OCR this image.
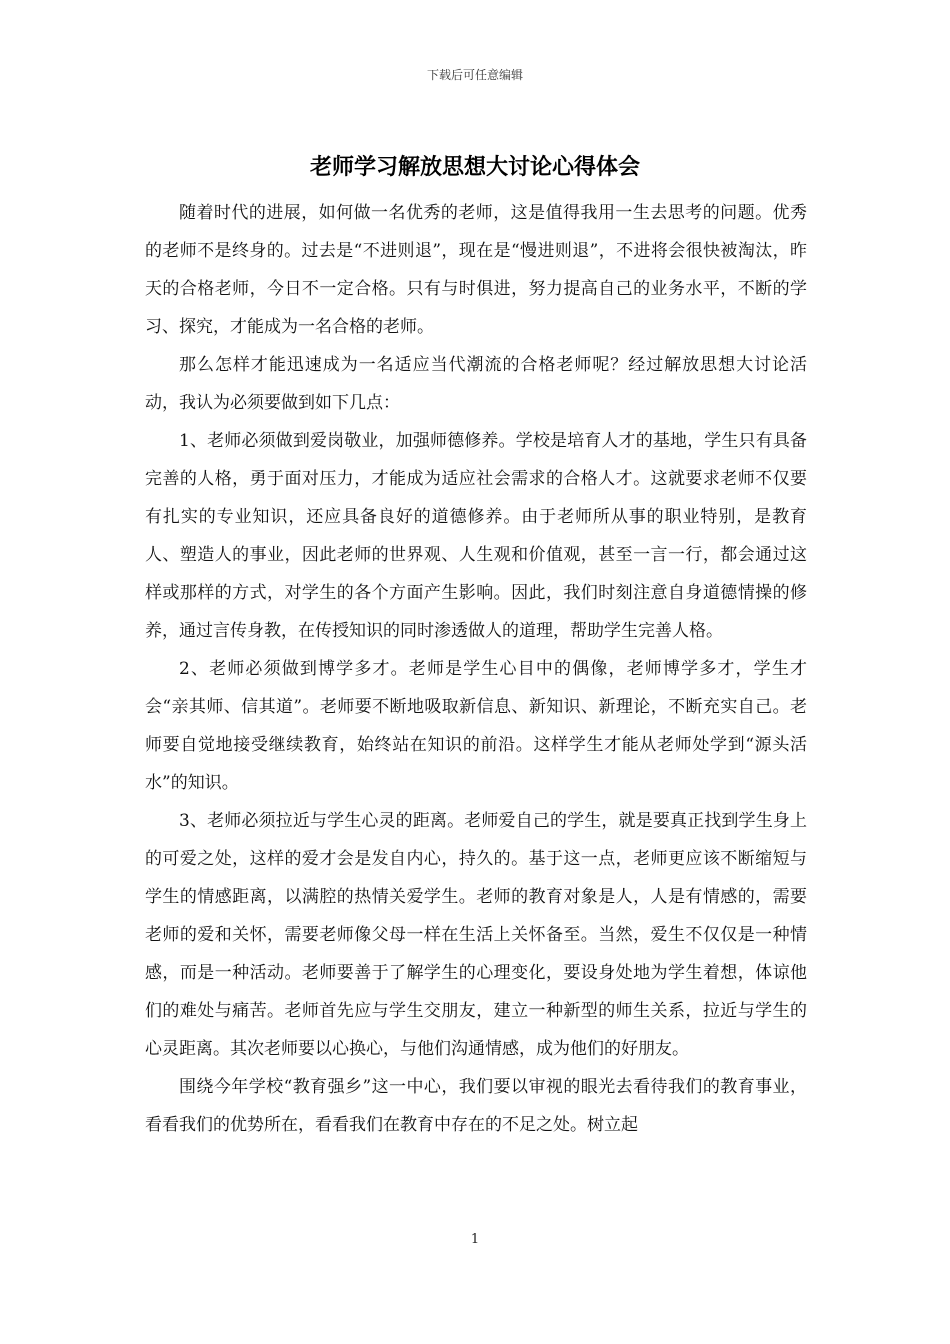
下载后可任意编辑
老师学习解放思想大讨论心得体会

随着时代的进展，如何做一名优秀的老师，这是值得我用一生去思考的问题。优秀的老师不是终身的。过去是“不进则退”，现在是“慢进则退”，不进将会很快被淘汰，昨天的合格老师，今日不一定合格。只有与时俱进，努力提高自己的业务水平，不断的学习、探究，才能成为一名合格的老师。

那么怎样才能迅速成为一名适应当代潮流的合格老师呢？经过解放思想大讨论活动，我认为必须要做到如下几点：

1、老师必须做到爱岗敬业，加强师德修养。学校是培育人才的基地，学生只有具备完善的人格，勇于面对压力，才能成为适应社会需求的合格人才。这就要求老师不仅要有扎实的专业知识，还应具备良好的道德修养。由于老师所从事的职业特别，是教育人、塑造人的事业，因此老师的世界观、人生观和价值观，甚至一言一行，都会通过这样或那样的方式，对学生的各个方面产生影响。因此，我们时刻注意自身道德情操的修养，通过言传身教，在传授知识的同时渗透做人的道理，帮助学生完善人格。

2、老师必须做到博学多才。老师是学生心目中的偶像，老师博学多才，学生才会“亲其师、信其道”。老师要不断地吸取新信息、新知识、新理论，不断充实自己。老师要自觉地接受继续教育，始终站在知识的前沿。这样学生才能从老师处学到“源头活水”的知识。

3、老师必须拉近与学生心灵的距离。老师爱自己的学生，就是要真正找到学生身上的可爱之处，这样的爱才会是发自内心，持久的。基于这一点，老师更应该不断缩短与学生的情感距离，以满腔的热情关爱学生。老师的教育对象是人，人是有情感的，需要老师的爱和关怀，需要老师像父母一样在生活上关怀备至。当然，爱生不仅仅是一种情感，而是一种活动。老师要善于了解学生的心理变化，要设身处地为学生着想，体谅他们的难处与痛苦。老师首先应与学生交朋友，建立一种新型的师生关系，拉近与学生的心灵距离。其次老师要以心换心，与他们沟通情感，成为他们的好朋友。

围绕今年学校“教育强乡”这一中心，我们要以审视的眼光去看待我们的教育事业，看看我们的优势所在，看看我们在教育中存在的不足之处。树立起

1
